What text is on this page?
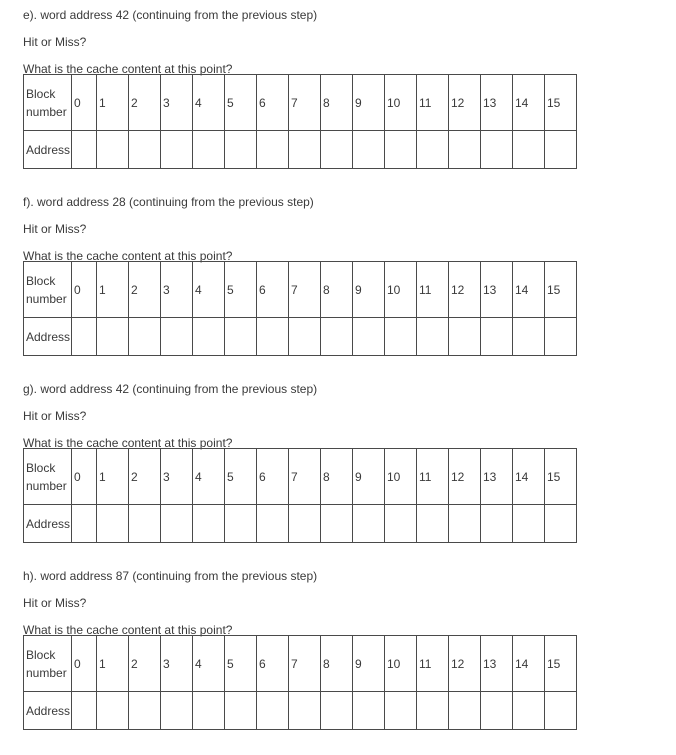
e). word address 42 (continuing from the previous step)
Hit or Miss?
What is the cache content at this point?
Block number	0	1	2	3	4	5	6	7	8	9	10	11	12	13	14	15
Address																
f). word address 28 (continuing from the previous step)
Hit or Miss?
What is the cache content at this point?
Block number	0	1	2	3	4	5	6	7	8	9	10	11	12	13	14	15
Address																
g). word address 42 (continuing from the previous step)
Hit or Miss?
What is the cache content at this point?
Block number	0	1	2	3	4	5	6	7	8	9	10	11	12	13	14	15
Address																
h). word address 87 (continuing from the previous step)
Hit or Miss?
What is the cache content at this point?
Block number	0	1	2	3	4	5	6	7	8	9	10	11	12	13	14	15
Address																
